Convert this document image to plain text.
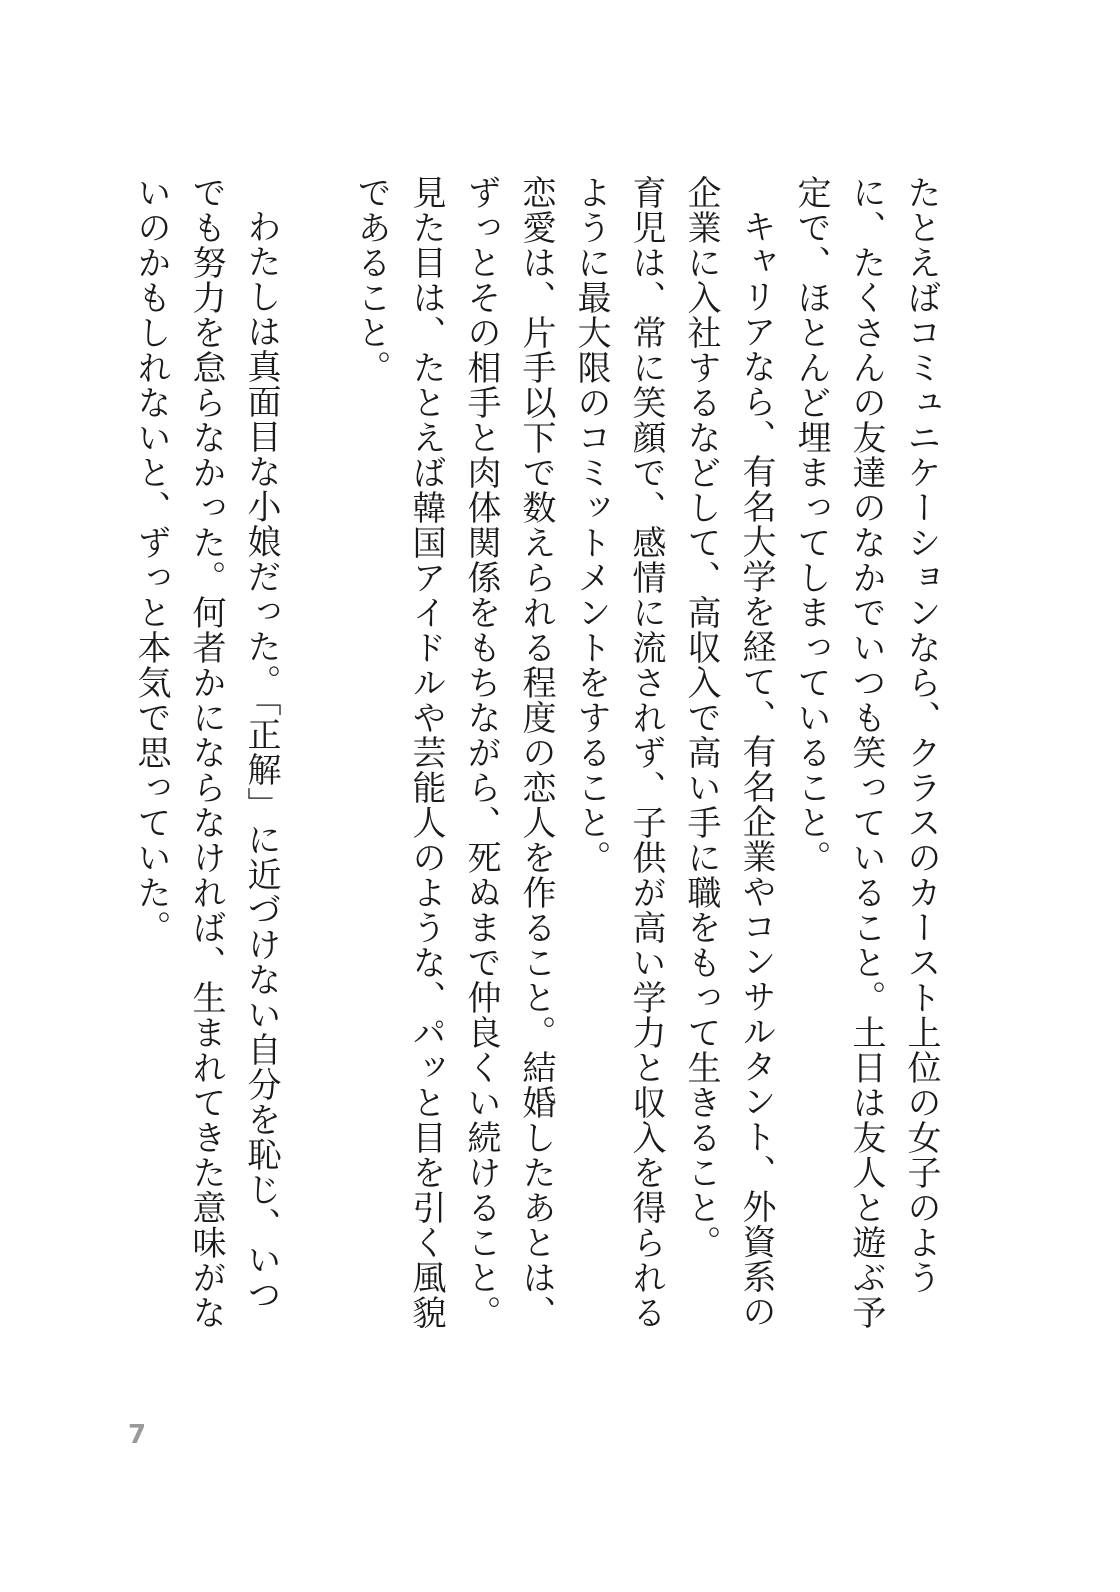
たとえばコミュニケーションなら、クラスのカースト上位の女子のように、たくさんの友達のなかでいつも笑っていること。土日は友人と遊ぶ予定で、ほとんど埋まってしまっていること。

キャリアなら、有名大学を経て、有名企業やコンサルタント、外資系の企業に入社するなどして、高収入で高い手に職をもって生きること。

育児は、常に笑顔で、感情に流されず、子供が高い学力と収入を得られるように最大限のコミットメントをすること。

恋愛は、片手以下で数えられる程度の恋人を作ること。結婚したあとは、ずっとその相手と肉体関係をもちながら、死ぬまで仲良くい続けること。

見た目は、たとえば韓国アイドルや芸能人のような、パッと目を引く風貌であること。

わたしは真面目な小娘だった。「正解」に近づけない自分を恥じ、いつでも努力を怠らなかった。何者かにならなければ、生まれてきた意味がないのかもしれないと、ずっと本気で思っていた。

7
